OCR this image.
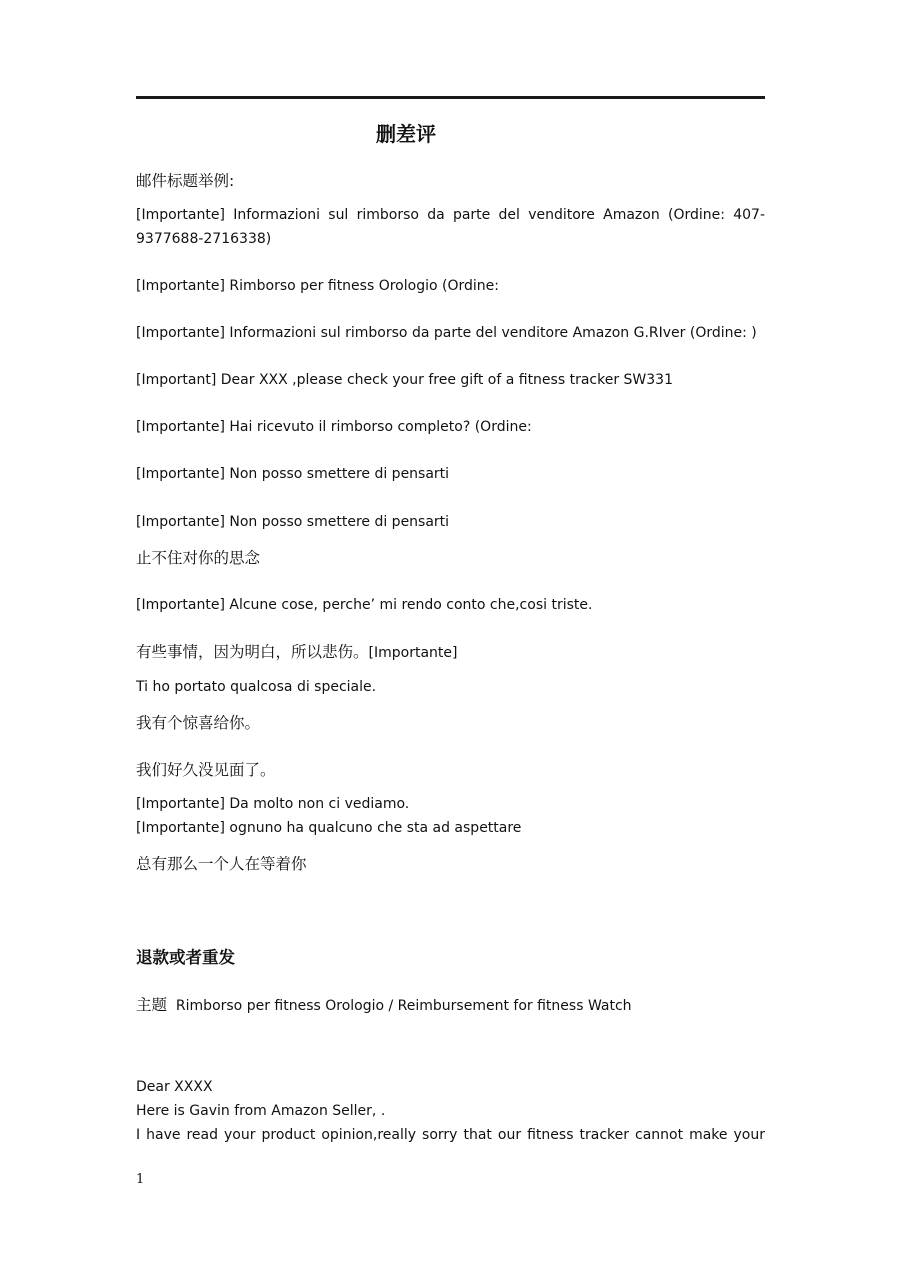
删差评
邮件标题举例:
[Importante] Informazioni sul rimborso da parte del venditore Amazon (Ordine: 407-9377688-2716338)
[Importante] Rimborso per fitness Orologio (Ordine:
[Importante] Informazioni sul rimborso da parte del venditore Amazon G.RIver (Ordine: )
[Important] Dear XXX ,please check your free gift of a fitness tracker SW331
[Importante] Hai ricevuto il rimborso completo? (Ordine:
[Importante] Non posso smettere di pensarti
[Importante] Non posso smettere di pensarti
止不住对你的思念
[Importante] Alcune cose, perche’ mi rendo conto che,cosi triste.
有些事情，因为明白，所以悲伤。[Importante]
Ti ho portato qualcosa di speciale.
我有个惊喜给你。
我们好久没见面了。
[Importante] Da molto non ci vediamo.
[Importante] ognuno ha qualcuno che sta ad aspettare
总有那么一个人在等着你
退款或者重发
主题 Rimborso per fitness Orologio / Reimbursement for fitness Watch
Dear XXXX
Here is Gavin from Amazon Seller, .
I have read your product opinion,really sorry that our fitness tracker cannot make your
1
